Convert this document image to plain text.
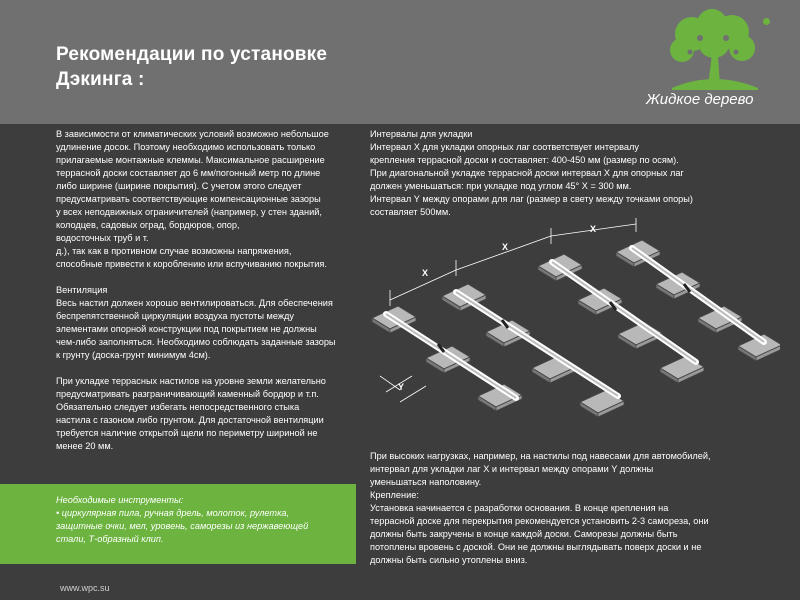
Рекомендации по установке
Дэкинга :
Жидкое дерево

В зависимости от климатических условий возможно небольшое
удлинение досок. Поэтому необходимо использовать только
прилагаемые монтажные клеммы. Максимальное расширение
террасной доски составляет до 6 мм/погонный метр по длине
либо ширине (ширине покрытия). С учетом этого следует
предусматривать соответствующие компенсационные зазоры
у всех неподвижных ограничителей (например, у стен зданий,
колодцев, садовых оград, бордюров, опор,
водосточных труб и т.
д.), так как в противном случае возможны напряжения,
способные привести к короблению или вспучиванию покрытия.

Вентиляция

Весь настил должен хорошо вентилироваться. Для обеспечения
беспрепятственной циркуляции воздуха пустоты между
элементами опорной конструкции под покрытием не должны
чем-либо заполняться. Необходимо соблюдать заданные зазоры
к грунту (доска-грунт минимум 4см).

При укладке террасных настилов на уровне земли желательно
предусматривать разграничивающий каменный бордюр и т.п.
Обязательно следует избегать непосредственного стыка
настила с газоном либо грунтом. Для достаточной вентиляции
требуется наличие открытой щели по периметру шириной не
менее 20 мм.

Необходимые инструменты:

• циркулярная пила, ручная дрель, молоток, рулетка,
защитные очки, мел, уровень, саморезы из нержавеющей
стали, Т-образный клип.

Интервалы для укладки
Интервал X для укладки опорных лаг соответствует интервалу
крепления террасной доски и составляет: 400-450 мм (размер по осям).
При диагональной укладке террасной доски интервал X для опорных лаг
должен уменьшаться: при укладке под углом 45° X = 300 мм.
Интервал Y между опорами для лаг (размер в свету между точками опоры)
составляет 500мм.

X
X
X
Y

При высоких нагрузках, например, на настилы под навесами для автомобилей,
интервал для укладки лаг X и интервал между опорами Y должны
уменьшаться наполовину.
Крепление:
Установка начинается с разработки основания. В конце крепления на
террасной доске для перекрытия рекомендуется установить 2-3 самореза, они
должны быть закручены в конце каждой доски. Саморезы должны быть
потоплены вровень с доской. Они не должны выглядывать поверх доски и не
должны быть сильно утоплены вниз.

www.wpc.su
